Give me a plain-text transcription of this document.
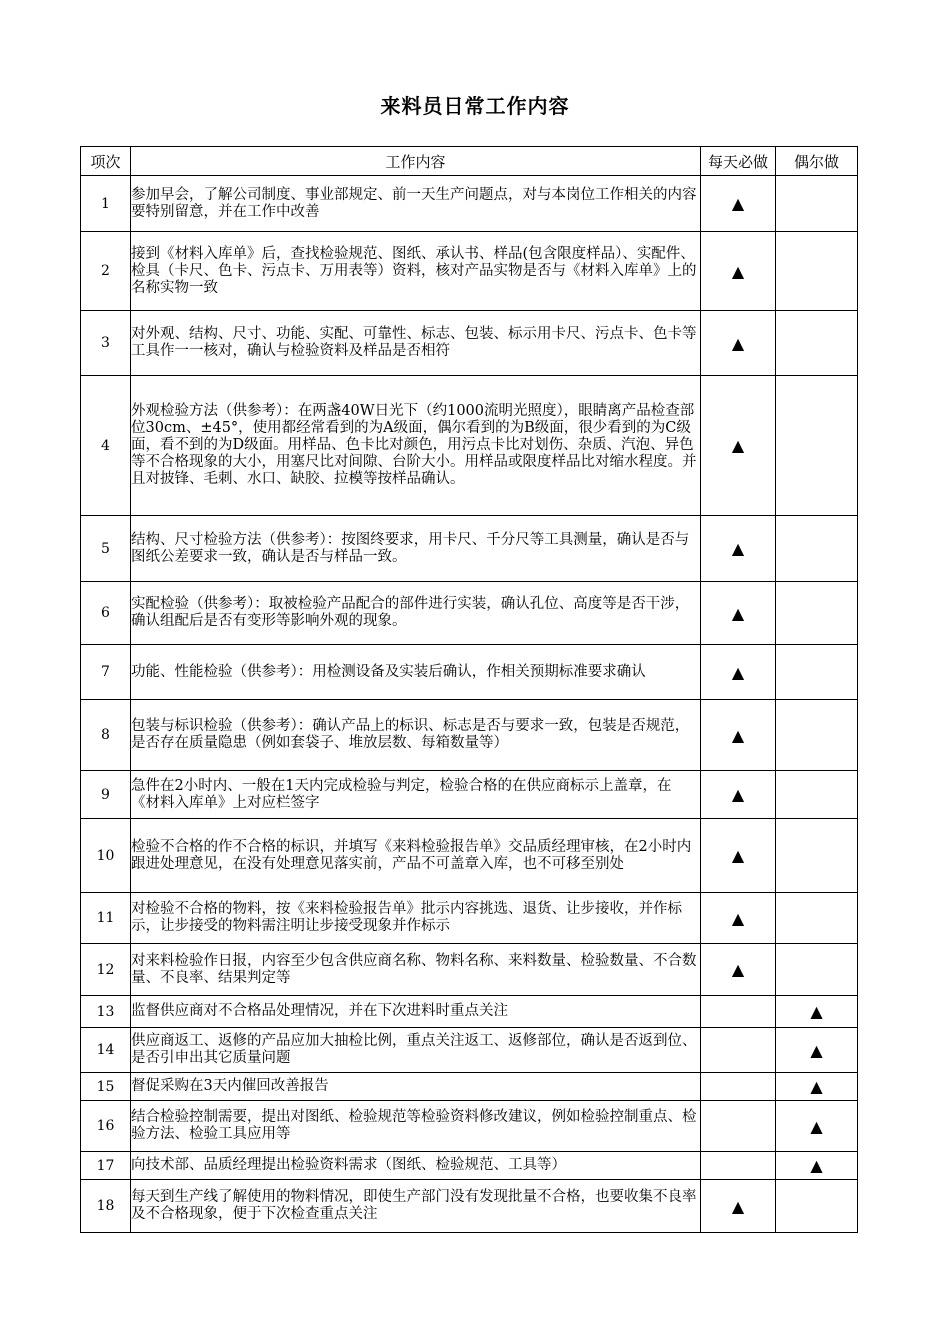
来料员日常工作内容
项次	工作内容	每天必做	偶尔做
1	参加早会，了解公司制度、事业部规定、前一天生产问题点，对与本岗位工作相关的内容要特别留意，并在工作中改善	▲	
2	接到《材料入库单》后，查找检验规范、图纸、承认书、样品(包含限度样品）、实配件、检具（卡尺、色卡、污点卡、万用表等）资料，核对产品实物是否与《材料入库单》上的名称实物一致	▲	
3	对外观、结构、尺寸、功能、实配、可靠性、标志、包装、标示用卡尺、污点卡、色卡等工具作一一核对，确认与检验资料及样品是否相符	▲	
4	外观检验方法（供参考）：在两盏40W日光下（约1000流明光照度），眼睛离产品检查部位30cm、±45°，使用都经常看到的为A级面，偶尔看到的为B级面，很少看到的为C级面，看不到的为D级面。用样品、色卡比对颜色，用污点卡比对划伤、杂质、汽泡、异色等不合格现象的大小，用塞尺比对间隙、台阶大小。用样品或限度样品比对缩水程度。并且对披锋、毛刺、水口、缺胶、拉模等按样品确认。	▲	
5	结构、尺寸检验方法（供参考）：按图终要求，用卡尺、千分尺等工具测量，确认是否与图纸公差要求一致，确认是否与样品一致。	▲	
6	实配检验（供参考）：取被检验产品配合的部件进行实装，确认孔位、高度等是否干涉，确认组配后是否有变形等影响外观的现象。	▲	
7	功能、性能检验（供参考）：用检测设备及实装后确认，作相关预期标准要求确认	▲	
8	包装与标识检验（供参考）：确认产品上的标识、标志是否与要求一致，包装是否规范，是否存在质量隐患（例如套袋子、堆放层数、每箱数量等）	▲	
9	急件在2小时内、一般在1天内完成检验与判定，检验合格的在供应商标示上盖章，在《材料入库单》上对应栏签字	▲	
10	检验不合格的作不合格的标识，并填写《来料检验报告单》交品质经理审核，在2小时内跟进处理意见，在没有处理意见落实前，产品不可盖章入库，也不可移至别处	▲	
11	对检验不合格的物料，按《来料检验报告单》批示内容挑选、退货、让步接收，并作标示，让步接受的物料需注明让步接受现象并作标示	▲	
12	对来料检验作日报，内容至少包含供应商名称、物料名称、来料数量、检验数量、不合数量、不良率、结果判定等	▲	
13	监督供应商对不合格品处理情况，并在下次进料时重点关注		▲
14	供应商返工、返修的产品应加大抽检比例，重点关注返工、返修部位，确认是否返到位、是否引申出其它质量问题		▲
15	督促采购在3天内催回改善报告		▲
16	结合检验控制需要，提出对图纸、检验规范等检验资料修改建议，例如检验控制重点、检验方法、检验工具应用等		▲
17	向技术部、品质经理提出检验资料需求（图纸、检验规范、工具等）		▲
18	每天到生产线了解使用的物料情况，即使生产部门没有发现批量不合格，也要收集不良率及不合格现象，便于下次检查重点关注	▲	
